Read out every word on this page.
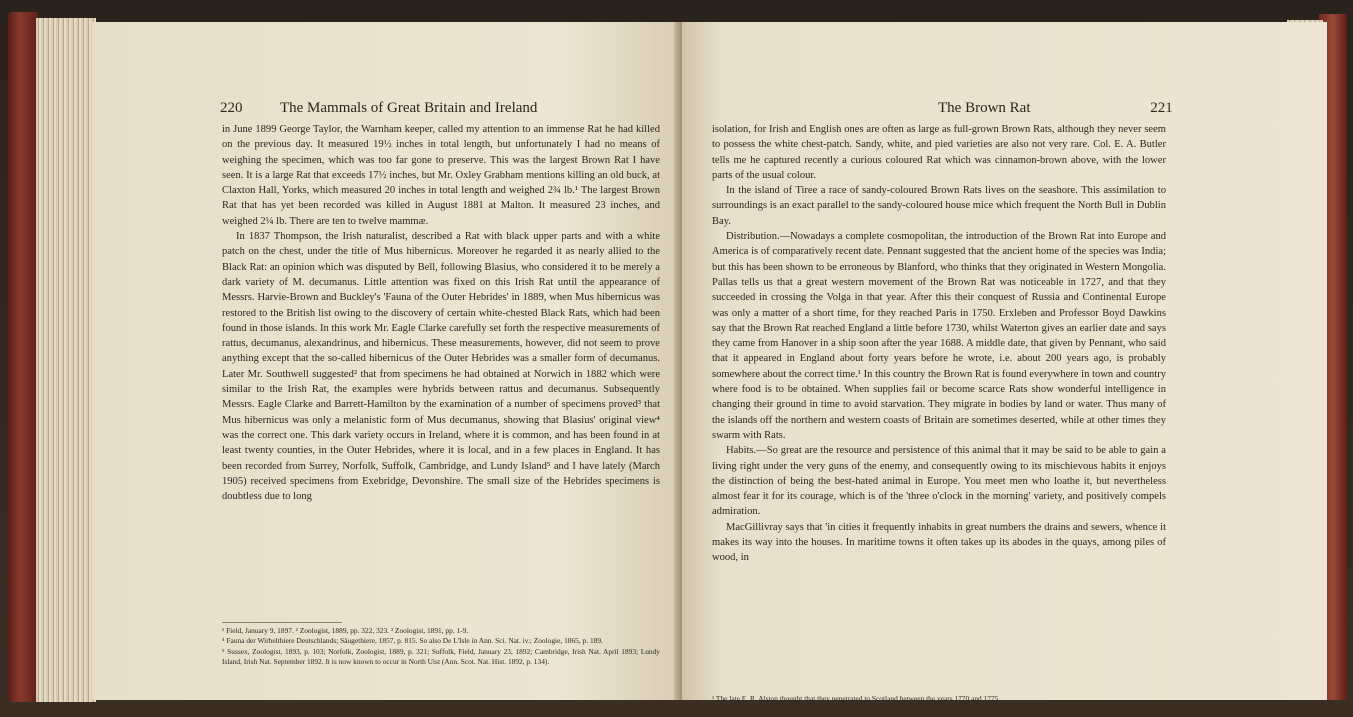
220 The Mammals of Great Britain and Ireland

in June 1899 George Taylor, the Warnham keeper, called my attention to an immense Rat he had killed on the previous day. It measured 19½ inches in total length, but unfortunately I had no means of weighing the specimen, which was too far gone to preserve. This was the largest Brown Rat I have seen. It is a large Rat that exceeds 17½ inches, but Mr. Oxley Grabham mentions killing an old buck, at Claxton Hall, Yorks, which measured 20 inches in total length and weighed 2¾ lb.¹ The largest Brown Rat that has yet been recorded was killed in August 1881 at Malton. It measured 23 inches, and weighed 2¼ lb. There are ten to twelve mammæ.

In 1837 Thompson, the Irish naturalist, described a Rat with black upper parts and with a white patch on the chest, under the title of Mus hibernicus. Moreover he regarded it as nearly allied to the Black Rat: an opinion which was disputed by Bell, following Blasius, who considered it to be merely a dark variety of M. decumanus. Little attention was fixed on this Irish Rat until the appearance of Messrs. Harvie-Brown and Buckley's 'Fauna of the Outer Hebrides' in 1889, when Mus hibernicus was restored to the British list owing to the discovery of certain white-chested Black Rats, which had been found in those islands. In this work Mr. Eagle Clarke carefully set forth the respective measurements of rattus, decumanus, alexandrinus, and hibernicus. These measurements, however, did not seem to prove anything except that the so-called hibernicus of the Outer Hebrides was a smaller form of decumanus. Later Mr. Southwell suggested² that from specimens he had obtained at Norwich in 1882 which were similar to the Irish Rat, the examples were hybrids between rattus and decumanus. Subsequently Messrs. Eagle Clarke and Barrett-Hamilton by the examination of a number of specimens proved³ that Mus hibernicus was only a melanistic form of Mus decumanus, showing that Blasius' original view⁴ was the correct one. This dark variety occurs in Ireland, where it is common, and has been found in at least twenty counties, in the Outer Hebrides, where it is local, and in a few places in England. It has been recorded from Surrey, Norfolk, Suffolk, Cambridge, and Lundy Island⁵ and I have lately (March 1905) received specimens from Exebridge, Devonshire. The small size of the Hebrides specimens is doubtless due to long

¹ Field, January 9, 1897. ² Zoologist, 1889, pp. 322, 323. ³ Zoologist, 1891, pp. 1-9.
⁴ Fauna der Wirbelthiere Deutschlands; Säugethiere, 1857, p. 815. So also De L'Isle in Ann. Sci. Nat. iv.; Zoologie, 1865, p. 189.
⁵ Sussex, Zoologist, 1893, p. 103; Norfolk, Zoologist, 1889, p. 321; Suffolk, Field, January 23, 1892; Cambridge, Irish Nat. April 1893; Lundy Island, Irish Nat. September 1892. It is now known to occur in North Uist (Ann. Scot. Nat. Hist. 1892, p. 134).
The Brown Rat	221

isolation, for Irish and English ones are often as large as full-grown Brown Rats, although they never seem to possess the white chest-patch. Sandy, white, and pied varieties are also not very rare. Col. E. A. Butler tells me he captured recently a curious coloured Rat which was cinnamon-brown above, with the lower parts of the usual colour.

In the island of Tiree a race of sandy-coloured Brown Rats lives on the seashore. This assimilation to surroundings is an exact parallel to the sandy-coloured house mice which frequent the North Bull in Dublin Bay.

Distribution.—Nowadays a complete cosmopolitan, the introduction of the Brown Rat into Europe and America is of comparatively recent date. Pennant suggested that the ancient home of the species was India; but this has been shown to be erroneous by Blanford, who thinks that they originated in Western Mongolia. Pallas tells us that a great western movement of the Brown Rat was noticeable in 1727, and that they succeeded in crossing the Volga in that year. After this their conquest of Russia and Continental Europe was only a matter of a short time, for they reached Paris in 1750. Erxleben and Professor Boyd Dawkins say that the Brown Rat reached England a little before 1730, whilst Waterton gives an earlier date and says they came from Hanover in a ship soon after the year 1688. A middle date, that given by Pennant, who said that it appeared in England about forty years before he wrote, i.e. about 200 years ago, is probably somewhere about the correct time.¹ In this country the Brown Rat is found everywhere in town and country where food is to be obtained. When supplies fail or become scarce Rats show wonderful intelligence in changing their ground in time to avoid starvation. They migrate in bodies by land or water. Thus many of the islands off the northern and western coasts of Britain are sometimes deserted, while at other times they swarm with Rats.

Habits.—So great are the resource and persistence of this animal that it may be said to be able to gain a living right under the very guns of the enemy, and consequently owing to its mischievous habits it enjoys the distinction of being the best-hated animal in Europe. You meet men who loathe it, but nevertheless almost fear it for its courage, which is of the 'three o'clock in the morning' variety, and positively compels admiration.

MacGillivray says that 'in cities it frequently inhabits in great numbers the drains and sewers, whence it makes its way into the houses. In maritime towns it often takes up its abodes in the quays, among piles of wood, in

¹ The late E. R. Alston thought that they penetrated to Scotland between the years 1770 and 1775.
